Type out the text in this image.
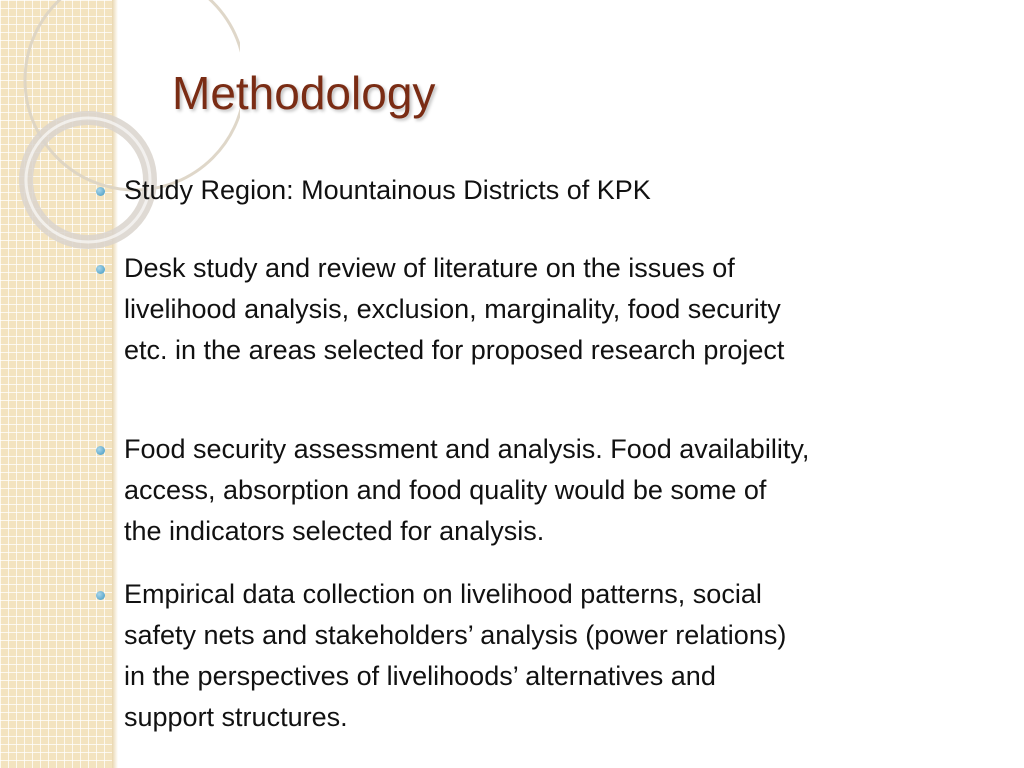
Methodology
Study Region: Mountainous Districts of KPK
Desk study and review of literature on the issues of
livelihood analysis, exclusion, marginality, food security
etc. in the areas selected for proposed research project
Food security assessment and analysis. Food availability,
access, absorption and food quality would be some of
the indicators selected for analysis.
Empirical data collection on livelihood patterns, social
safety nets and stakeholders’ analysis (power relations)
in the perspectives of livelihoods’ alternatives and
support structures.
